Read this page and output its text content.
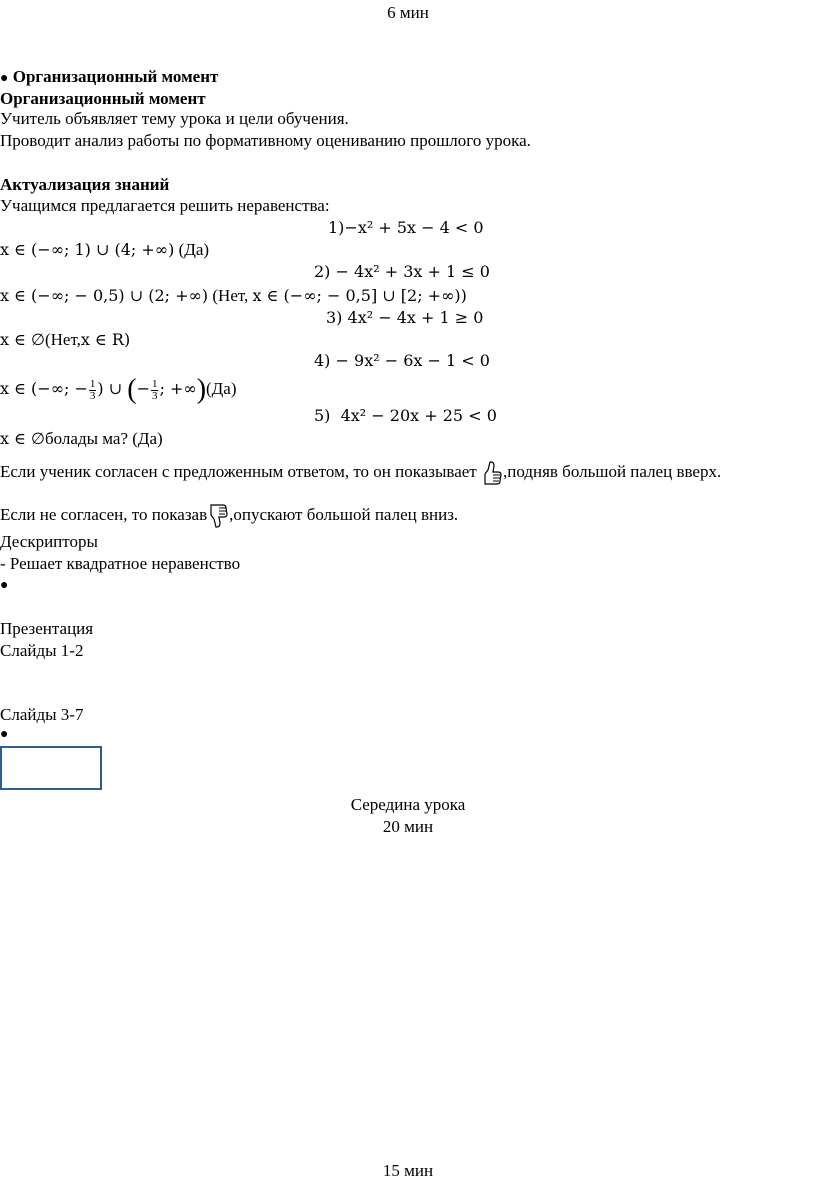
6 мин
● Организационный момент
Организационный момент
Учитель объявляет тему урока и цели обучения.
Проводит анализ работы по формативному оцениванию прошлого урока.
Актуализация знаний
Учащимся предлагается решить неравенства:
1)−x² + 5x − 4 < 0
x ∈ (−∞; 1) ∪ (4; +∞) (Да)
2) − 4x² + 3x + 1 ≤ 0
x ∈ (−∞; − 0,5) ∪ (2; +∞) (Нет, x ∈ (−∞; − 0,5] ∪ [2; +∞))
3) 4x² − 4x + 1 ≥ 0
x ∈ ∅(Нет,x ∈ R)
4) − 9x² − 6x − 1 < 0
x ∈ (−∞; − $\frac{1}{3}$ ) ∪ (− $\frac{1}{3}$ ; +∞)(Да)
5) 4x² − 20x + 25 < 0
x ∈ ∅болады ма? (Да)
Если ученик согласен с предложенным ответом, то он показывает ,подняв большой палец вверх.
Если не согласен, то показав ,опускают большой палец вниз.
Дескрипторы
- Решает квадратное неравенство
●
Презентация
Слайды 1-2
Слайды 3-7
●
Середина урока
20 мин
15 мин
